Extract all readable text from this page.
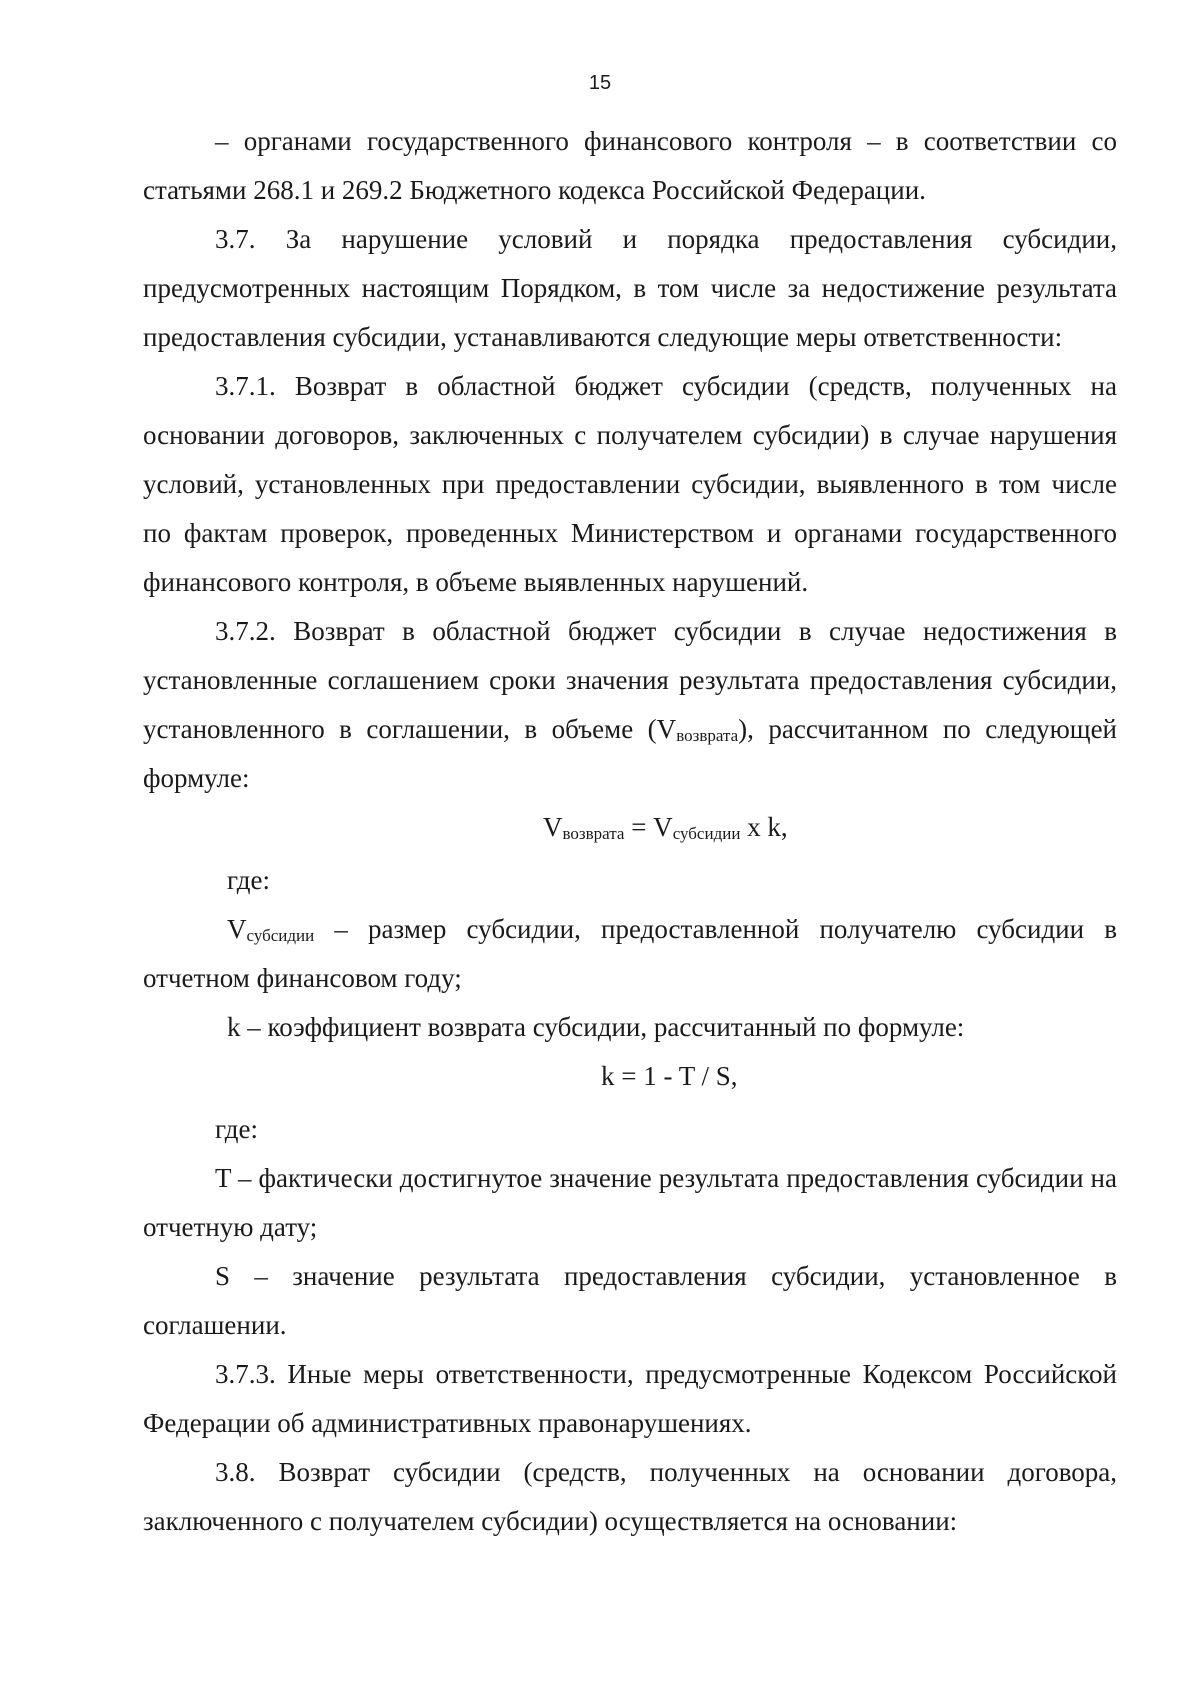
15

– органами государственного финансового контроля – в соответствии со статьями 268.1 и 269.2 Бюджетного кодекса Российской Федерации.

3.7. За нарушение условий и порядка предоставления субсидии, предусмотренных настоящим Порядком, в том числе за недостижение результата предоставления субсидии, устанавливаются следующие меры ответственности:

3.7.1. Возврат в областной бюджет субсидии (средств, полученных на основании договоров, заключенных с получателем субсидии) в случае нарушения условий, установленных при предоставлении субсидии, выявленного в том числе по фактам проверок, проведенных Министерством и органами государственного финансового контроля, в объеме выявленных нарушений.

3.7.2. Возврат в областной бюджет субсидии в случае недостижения в установленные соглашением сроки значения результата предоставления субсидии, установленного в соглашении, в объеме $(V_{возврата})$, рассчитанном по следующей формуле:

$V_{возврата} = V_{субсидии}$ x k,

где:

$V_{субсидии}$ – размер субсидии, предоставленной получателю субсидии в отчетном финансовом году;

k – коэффициент возврата субсидии, рассчитанный по формуле:

k = 1 - T / S,

где:

T – фактически достигнутое значение результата предоставления субсидии на отчетную дату;

S – значение результата предоставления субсидии, установленное в соглашении.

3.7.3. Иные меры ответственности, предусмотренные Кодексом Российской Федерации об административных правонарушениях.

3.8. Возврат субсидии (средств, полученных на основании договора, заключенного с получателем субсидии) осуществляется на основании:
